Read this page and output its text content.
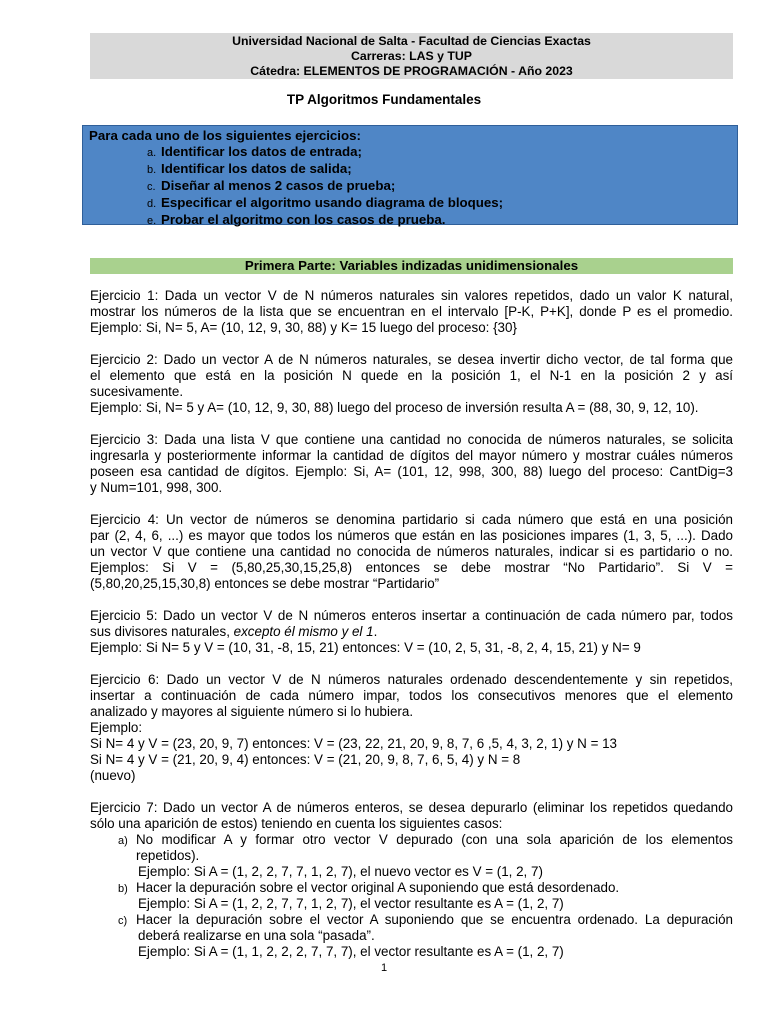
Universidad Nacional de Salta - Facultad de Ciencias Exactas
Carreras: LAS y TUP
Cátedra: ELEMENTOS DE PROGRAMACIÓN - Año 2023
TP Algoritmos Fundamentales
Para cada uno de los siguientes ejercicios:
a. Identificar los datos de entrada;
b. Identificar los datos de salida;
c. Diseñar al menos 2 casos de prueba;
d. Especificar el algoritmo usando diagrama de bloques;
e. Probar el algoritmo con los casos de prueba.
Primera Parte: Variables indizadas unidimensionales

Ejercicio 1: Dada un vector V de N números naturales sin valores repetidos, dado un valor K natural,

mostrar los números de la lista que se encuentran en el intervalo [P-K, P+K], donde P es el promedio.

Ejemplo: Si, N= 5, A= (10, 12, 9, 30, 88) y K= 15 luego del proceso: {30}

Ejercicio 2: Dado un vector A de N números naturales, se desea invertir dicho vector, de tal forma que

el elemento que está en la posición N quede en la posición 1, el N-1 en la posición 2 y así

sucesivamente.

Ejemplo: Si, N= 5 y A= (10, 12, 9, 30, 88) luego del proceso de inversión resulta A = (88, 30, 9, 12, 10).

Ejercicio 3: Dada una lista V que contiene una cantidad no conocida de números naturales, se solicita

ingresarla y posteriormente informar la cantidad de dígitos del mayor número y mostrar cuáles números

poseen esa cantidad de dígitos. Ejemplo: Si, A= (101, 12, 998, 300, 88) luego del proceso: CantDig=3

y Num=101, 998, 300.

Ejercicio 4: Un vector de números se denomina partidario si cada número que está en una posición

par (2, 4, 6, ...) es mayor que todos los números que están en las posiciones impares (1, 3, 5, ...). Dado

un vector V que contiene una cantidad no conocida de números naturales, indicar si es partidario o no.

Ejemplos: Si V = (5,80,25,30,15,25,8) entonces se debe mostrar “No Partidario”. Si V =

(5,80,20,25,15,30,8) entonces se debe mostrar “Partidario”

Ejercicio 5: Dado un vector V de N números enteros insertar a continuación de cada número par, todos

sus divisores naturales, excepto él mismo y el 1.

Ejemplo: Si N= 5 y V = (10, 31, -8, 15, 21) entonces: V = (10, 2, 5, 31, -8, 2, 4, 15, 21) y N= 9

Ejercicio 6: Dado un vector V de N números naturales ordenado descendentemente y sin repetidos,

insertar a continuación de cada número impar, todos los consecutivos menores que el elemento

analizado y mayores al siguiente número si lo hubiera.

Ejemplo:

Si N= 4 y V = (23, 20, 9, 7) entonces: V = (23, 22, 21, 20, 9, 8, 7, 6 ,5, 4, 3, 2, 1) y N = 13

Si N= 4 y V = (21, 20, 9, 4) entonces: V = (21, 20, 9, 8, 7, 6, 5, 4) y N = 8

(nuevo)

Ejercicio 7: Dado un vector A de números enteros, se desea depurarlo (eliminar los repetidos quedando

sólo una aparición de estos) teniendo en cuenta los siguientes casos:

a) No modificar A y formar otro vector V depurado (con una sola aparición de los elementos

repetidos).

Ejemplo: Si A = (1, 2, 2, 7, 7, 1, 2, 7), el nuevo vector es V = (1, 2, 7)

b) Hacer la depuración sobre el vector original A suponiendo que está desordenado.

Ejemplo: Si A = (1, 2, 2, 7, 7, 1, 2, 7), el vector resultante es A = (1, 2, 7)

c) Hacer la depuración sobre el vector A suponiendo que se encuentra ordenado. La depuración

deberá realizarse en una sola “pasada”.

Ejemplo: Si A = (1, 1, 2, 2, 2, 7, 7, 7), el vector resultante es A = (1, 2, 7)

1
